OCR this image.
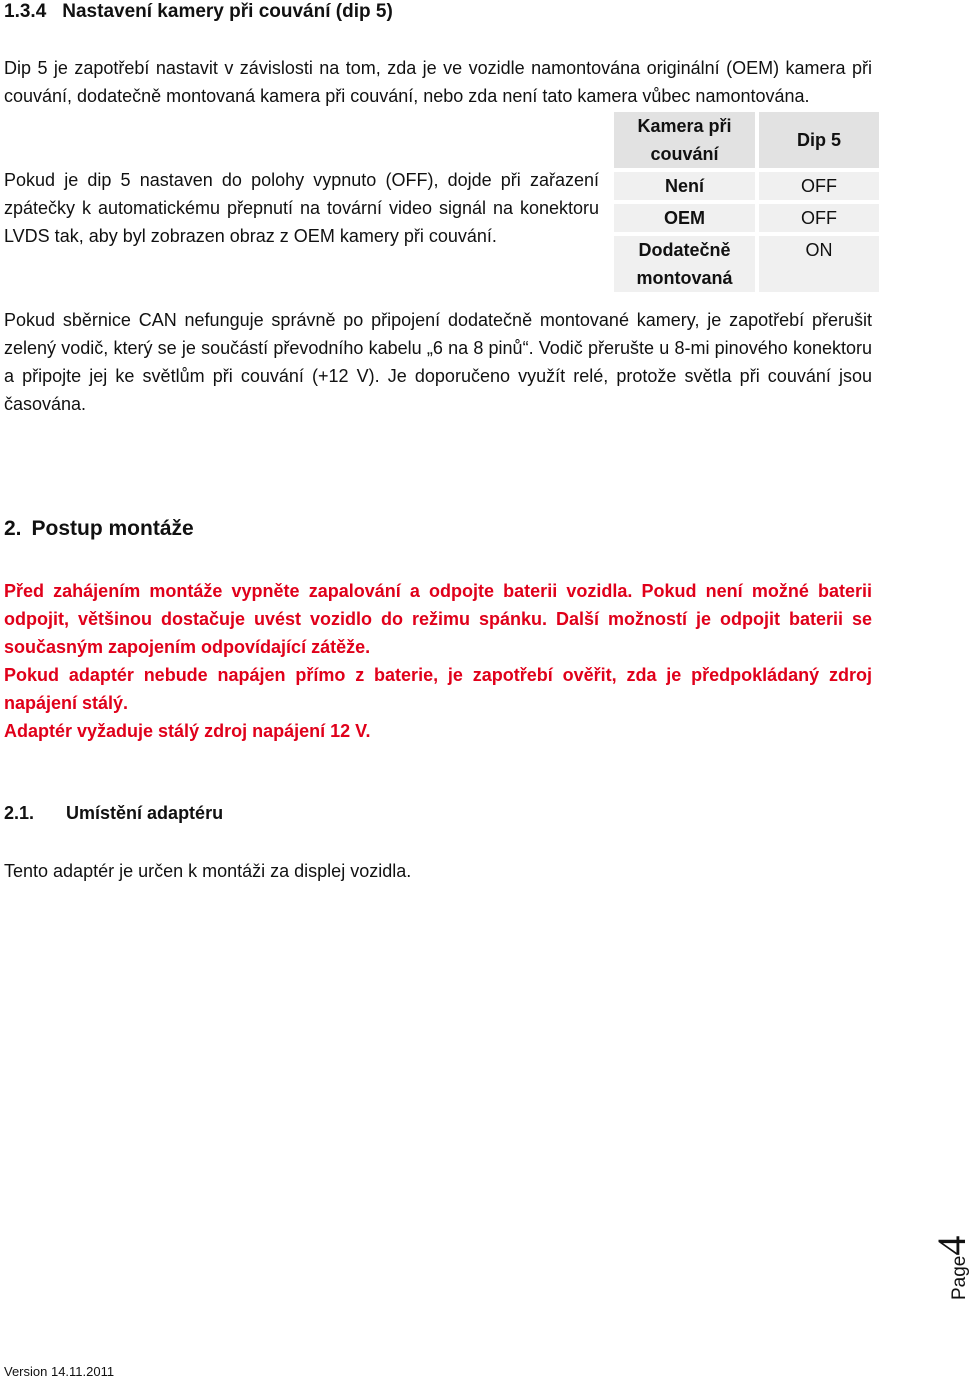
1.3.4 Nastavení kamery při couvání (dip 5)
Dip 5 je zapotřebí nastavit v závislosti na tom, zda je ve vozidle namontována originální (OEM) kamera při couvání, dodatečně montovaná kamera při couvání, nebo zda není tato kamera vůbec namontována.
Pokud je dip 5 nastaven do polohy vypnuto (OFF), dojde při zařazení zpátečky k automatickému přepnutí na tovární video signál na konektoru LVDS tak, aby byl zobrazen obraz z OEM kamery při couvání.
Kamera při couvání	Dip 5
Není	OFF
OEM	OFF
Dodatečně montovaná	ON
Pokud sběrnice CAN nefunguje správně po připojení dodatečně montované kamery, je zapotřebí přerušit zelený vodič, který se je součástí převodního kabelu „6 na 8 pinů“. Vodič přerušte u 8-mi pinového konektoru a připojte jej ke světlům při couvání (+12 V). Je doporučeno využít relé, protože světla při couvání jsou časována.
2. Postup montáže
Před zahájením montáže vypněte zapalování a odpojte baterii vozidla. Pokud není možné baterii odpojit, většinou dostačuje uvést vozidlo do režimu spánku. Další možností je odpojit baterii se současným zapojením odpovídající zátěže.
Pokud adaptér nebude napájen přímo z baterie, je zapotřebí ověřit, zda je předpokládaný zdroj napájení stálý.
Adaptér vyžaduje stálý zdroj napájení 12 V.
2.1. Umístění adaptéru
Tento adaptér je určen k montáži za displej vozidla.
Page4
Version 14.11.2011
